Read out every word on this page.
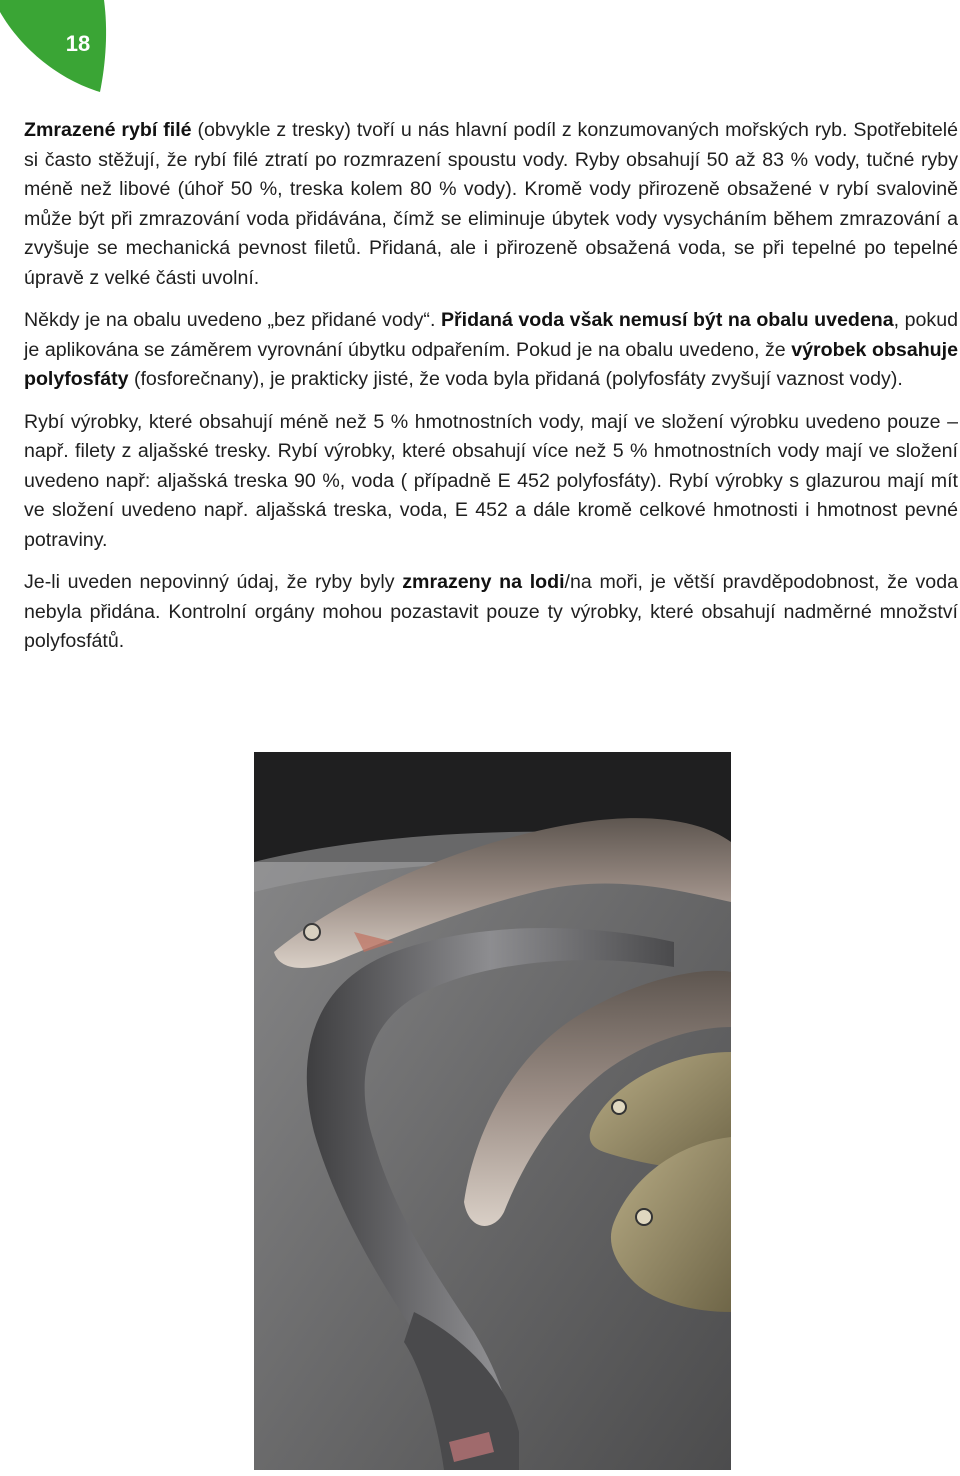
18

Zmrazené rybí filé (obvykle z tresky) tvoří u nás hlavní podíl z konzumovaných mořských ryb. Spotřebitelé si často stěžují, že rybí filé ztratí po rozmrazení spoustu vody. Ryby obsahují 50 až 83 % vody, tučné ryby méně než libové (úhoř 50 %, treska kolem 80 % vody). Kromě vody přirozeně obsažené v rybí svalovině může být při zmrazování voda přidávána, čímž se eliminuje úbytek vody vysycháním během zmrazování a zvyšuje se mechanická pevnost filetů. Přidaná, ale i přirozeně obsažená voda, se při tepelné po tepelné úpravě z velké části uvolní.

Někdy je na obalu uvedeno „bez přidané vody“. Přidaná voda však nemusí být na obalu uvedena, pokud je aplikována se záměrem vyrovnání úbytku odpařením. Pokud je na obalu uvedeno, že výrobek obsahuje polyfosfáty (fosforečnany), je prakticky jisté, že voda byla přidaná (polyfosfáty zvyšují vaznost vody).

Rybí výrobky, které obsahují méně než 5 % hmotnostních vody, mají ve složení výrobku uvedeno pouze – např. filety z aljašské tresky. Rybí výrobky, které obsahují více než 5 % hmotnostních vody mají ve složení uvedeno např: aljašská treska 90 %, voda ( případně E 452 polyfosfáty). Rybí výrobky s glazurou mají mít ve složení uvedeno např. aljašská treska, voda, E 452 a dále kromě celkové hmotnosti i hmotnost pevné potraviny.

Je-li uveden nepovinný údaj, že ryby byly zmrazeny na lodi/na moři, je větší pravděpodobnost, že voda nebyla přidána. Kontrolní orgány mohou pozastavit pouze ty výrobky, které obsahují nadměrné množství polyfosfátů.
